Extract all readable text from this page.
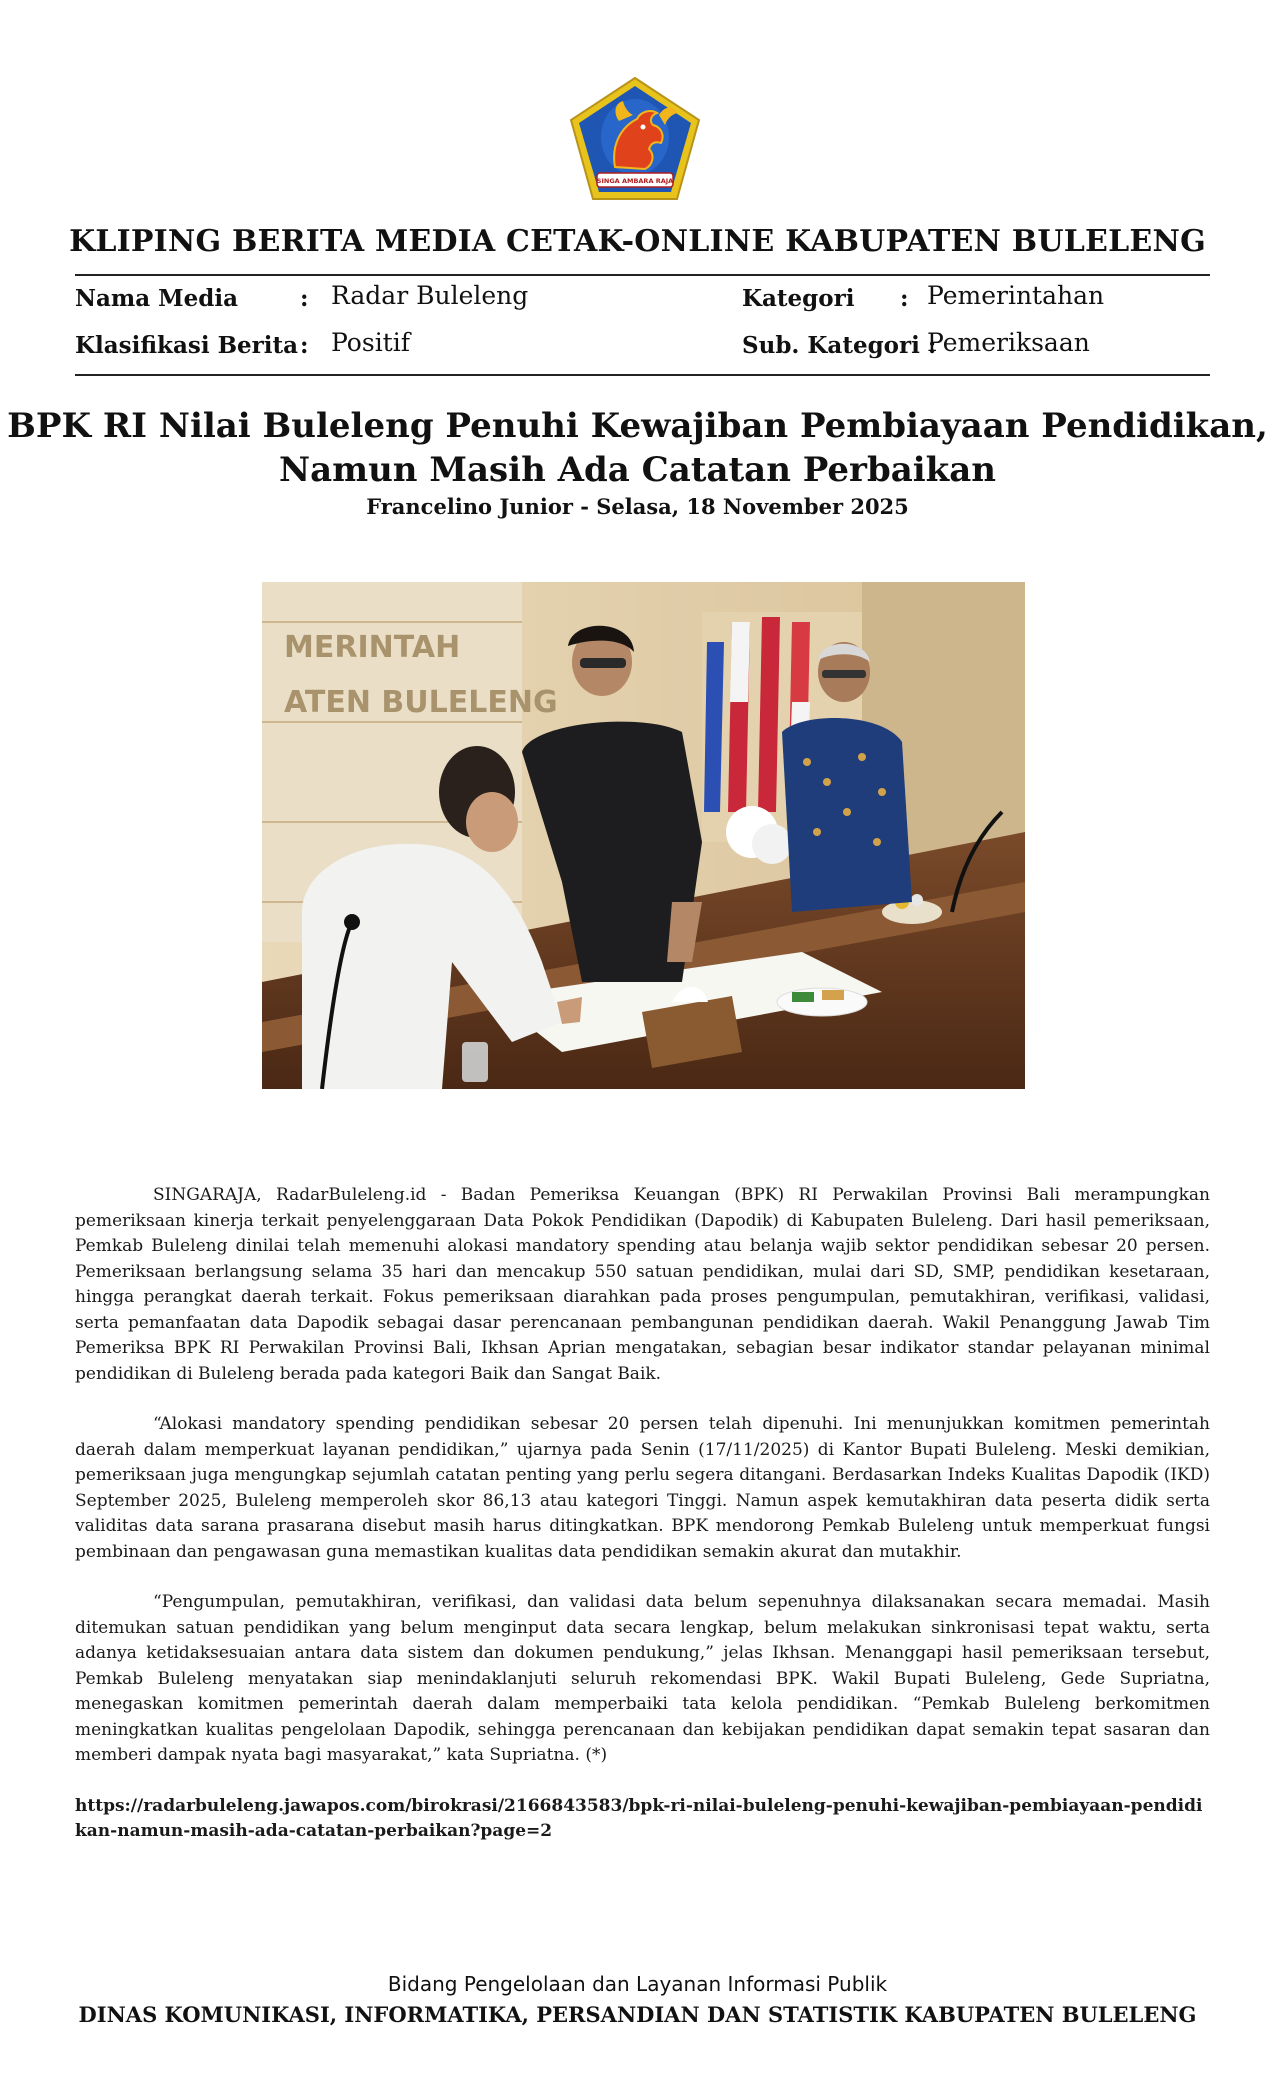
SINGA AMBARA RAJA
KLIPING BERITA MEDIA CETAK-ONLINE KABUPATEN BULELENG
Nama Media	: Radar Buleleng
Klasifikasi Berita : Positif
Kategori : Pemerintahan
Sub. Kategori :
Pemeriksaan
BPK RI Nilai Buleleng Penuhi Kewajiban Pembiayaan Pendidikan,
Namun Masih Ada Catatan Perbaikan
Francelino Junior - Selasa, 18 November 2025
MERINTAH
ATEN BULELENG

SINGARAJA, RadarBuleleng.id - Badan Pemeriksa Keuangan (BPK) RI Perwakilan Provinsi Bali merampungkan pemeriksaan kinerja terkait penyelenggaraan Data Pokok Pendidikan (Dapodik) di Kabupaten Buleleng. Dari hasil pemeriksaan, Pemkab Buleleng dinilai telah memenuhi alokasi mandatory spending atau belanja wajib sektor pendidikan sebesar 20 persen. Pemeriksaan berlangsung selama 35 hari dan mencakup 550 satuan pendidikan, mulai dari SD, SMP, pendidikan kesetaraan, hingga perangkat daerah terkait. Fokus pemeriksaan diarahkan pada proses pengumpulan, pemutakhiran, verifikasi, validasi, serta pemanfaatan data Dapodik sebagai dasar perencanaan pembangunan pendidikan daerah. Wakil Penanggung Jawab Tim Pemeriksa BPK RI Perwakilan Provinsi Bali, Ikhsan Aprian mengatakan, sebagian besar indikator standar pelayanan minimal pendidikan di Buleleng berada pada kategori Baik dan Sangat Baik.

“Alokasi mandatory spending pendidikan sebesar 20 persen telah dipenuhi. Ini menunjukkan komitmen pemerintah daerah dalam memperkuat layanan pendidikan,” ujarnya pada Senin (17/11/2025) di Kantor Bupati Buleleng. Meski demikian, pemeriksaan juga mengungkap sejumlah catatan penting yang perlu segera ditangani. Berdasarkan Indeks Kualitas Dapodik (IKD) September 2025, Buleleng memperoleh skor 86,13 atau kategori Tinggi. Namun aspek kemutakhiran data peserta didik serta validitas data sarana prasarana disebut masih harus ditingkatkan. BPK mendorong Pemkab Buleleng untuk memperkuat fungsi pembinaan dan pengawasan guna memastikan kualitas data pendidikan semakin akurat dan mutakhir.

“Pengumpulan, pemutakhiran, verifikasi, dan validasi data belum sepenuhnya dilaksanakan secara memadai. Masih ditemukan satuan pendidikan yang belum menginput data secara lengkap, belum melakukan sinkronisasi tepat waktu, serta adanya ketidaksesuaian antara data sistem dan dokumen pendukung,” jelas Ikhsan. Menanggapi hasil pemeriksaan tersebut, Pemkab Buleleng menyatakan siap menindaklanjuti seluruh rekomendasi BPK. Wakil Bupati Buleleng, Gede Supriatna, menegaskan komitmen pemerintah daerah dalam memperbaiki tata kelola pendidikan. “Pemkab Buleleng berkomitmen meningkatkan kualitas pengelolaan Dapodik, sehingga perencanaan dan kebijakan pendidikan dapat semakin tepat sasaran dan memberi dampak nyata bagi masyarakat,” kata Supriatna. (*)

https://radarbuleleng.jawapos.com/birokrasi/2166843583/bpk-ri-nilai-buleleng-penuhi-kewajiban-pembiayaan-pendidikan-namun-masih-ada-catatan-perbaikan?page=2

Bidang Pengelolaan dan Layanan Informasi Publik
DINAS KOMUNIKASI, INFORMATIKA, PERSANDIAN DAN STATISTIK KABUPATEN BULELENG
